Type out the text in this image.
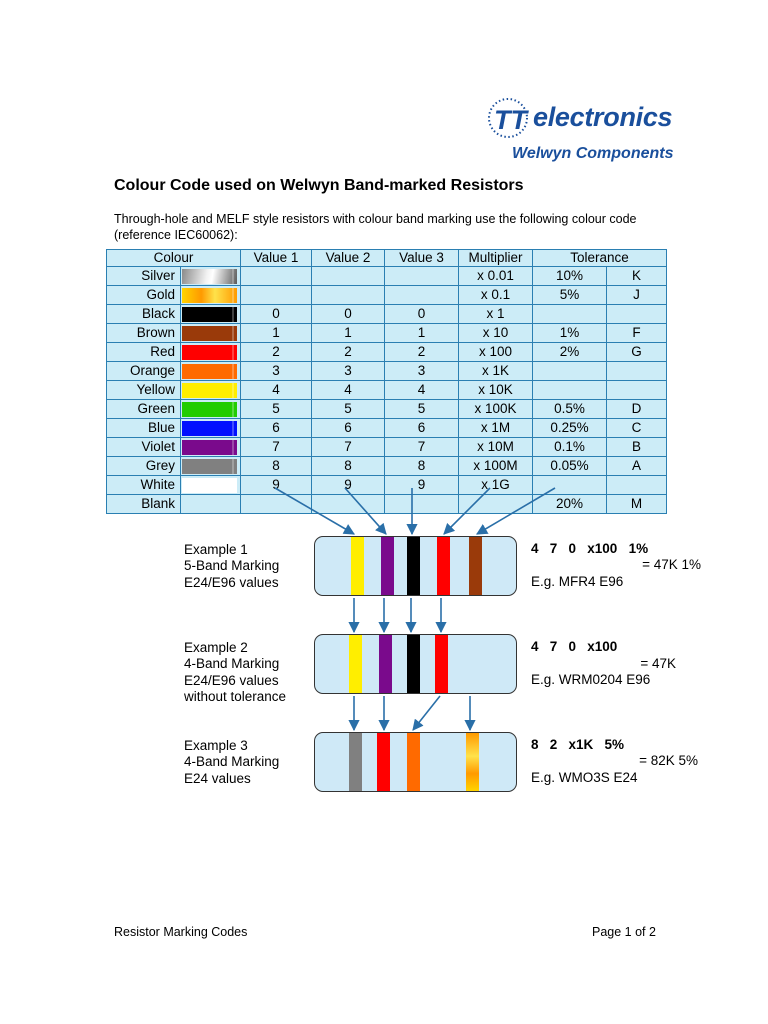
TT electronics
Welwyn Components
Colour Code used on Welwyn Band-marked Resistors
Through-hole and MELF style resistors with colour band marking use the following colour code (reference IEC60062):
Colour		Value 1	Value 2	Value 3	Multiplier	Tolerance	
Silver					x 0.01	10%	K
Gold					x 0.1	5%	J
Black		0	0	0	x 1		
Brown		1	1	1	x 10	1%	F
Red		2	2	2	x 100	2%	G
Orange		3	3	3	x 1K		
Yellow		4	4	4	x 10K		
Green		5	5	5	x 100K	0.5%	D
Blue		6	6	6	x 1M	0.25%	C
Violet		7	7	7	x 10M	0.1%	B
Grey		8	8	8	x 100M	0.05%	A
White		9	9	9	x 1G		
Blank						20%	M
Example 1
5-Band Marking
E24/E96 values
4   7   0   x100   1%
= 47K 1%
E.g. MFR4 E96
Example 2
4-Band Marking
E24/E96 values
without tolerance
4   7   0   x100
= 47K
E.g. WRM0204 E96
Example 3
4-Band Marking
E24 values
8   2   x1K   5%
= 82K 5%
E.g. WMO3S E24
Resistor Marking Codes	Page 1 of 2
